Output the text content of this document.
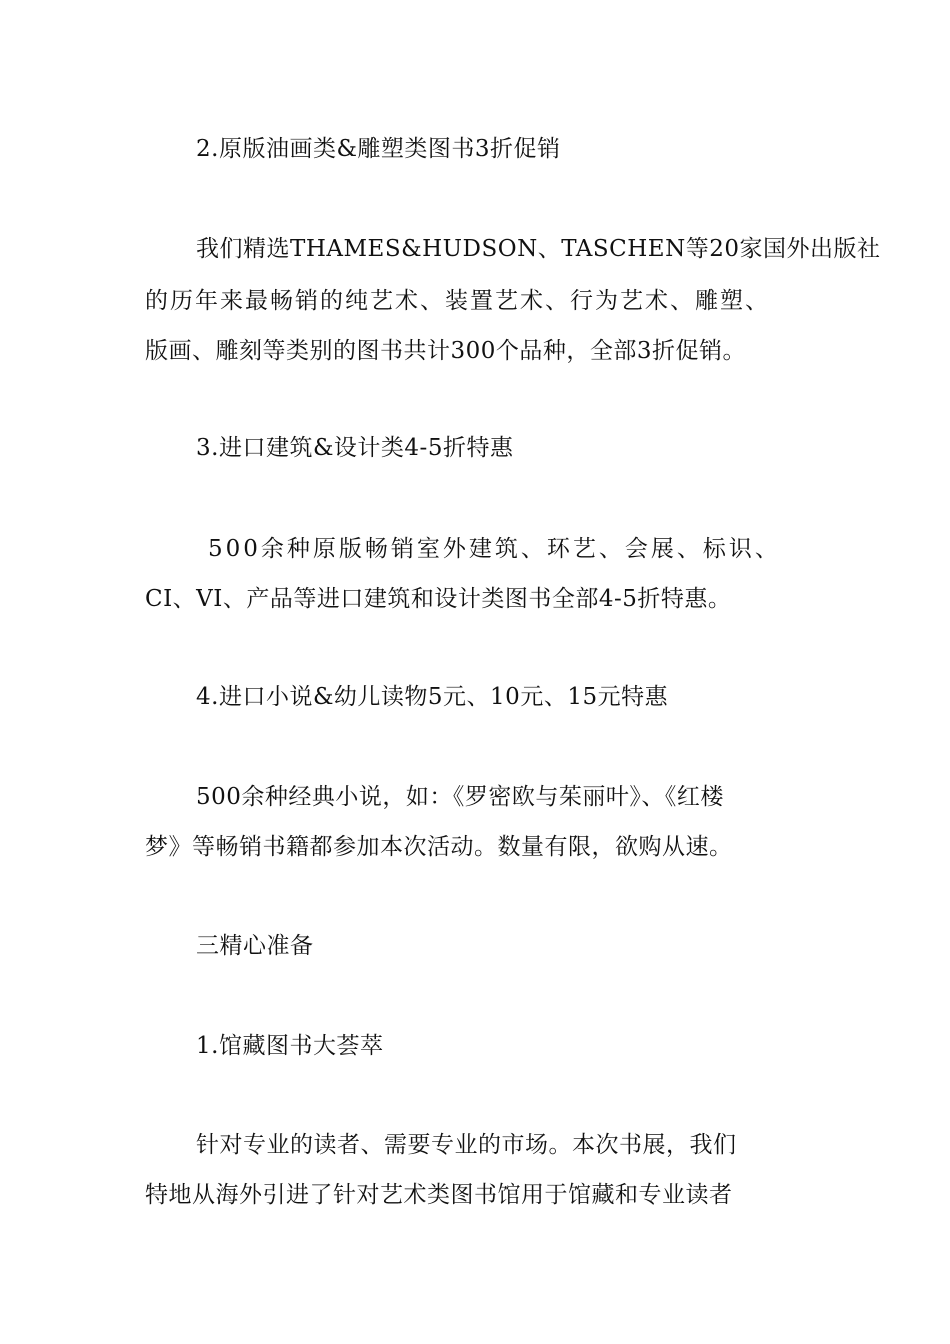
2.原版油画类&雕塑类图书3折促销
我们精选THAMES&HUDSON、TASCHEN等20家国外出版社
的历年来最畅销的纯艺术、装置艺术、行为艺术、雕塑、
版画、雕刻等类别的图书共计300个品种，全部3折促销。
3.进口建筑&设计类4-5折特惠
500余种原版畅销室外建筑、环艺、会展、标识、
CI、VI、产品等进口建筑和设计类图书全部4-5折特惠。
4.进口小说&幼儿读物5元、10元、15元特惠
500余种经典小说，如：《罗密欧与茱丽叶》、《红楼
梦》等畅销书籍都参加本次活动。数量有限，欲购从速。
三精心准备
1.馆藏图书大荟萃
针对专业的读者、需要专业的市场。本次书展，我们
特地从海外引进了针对艺术类图书馆用于馆藏和专业读者
